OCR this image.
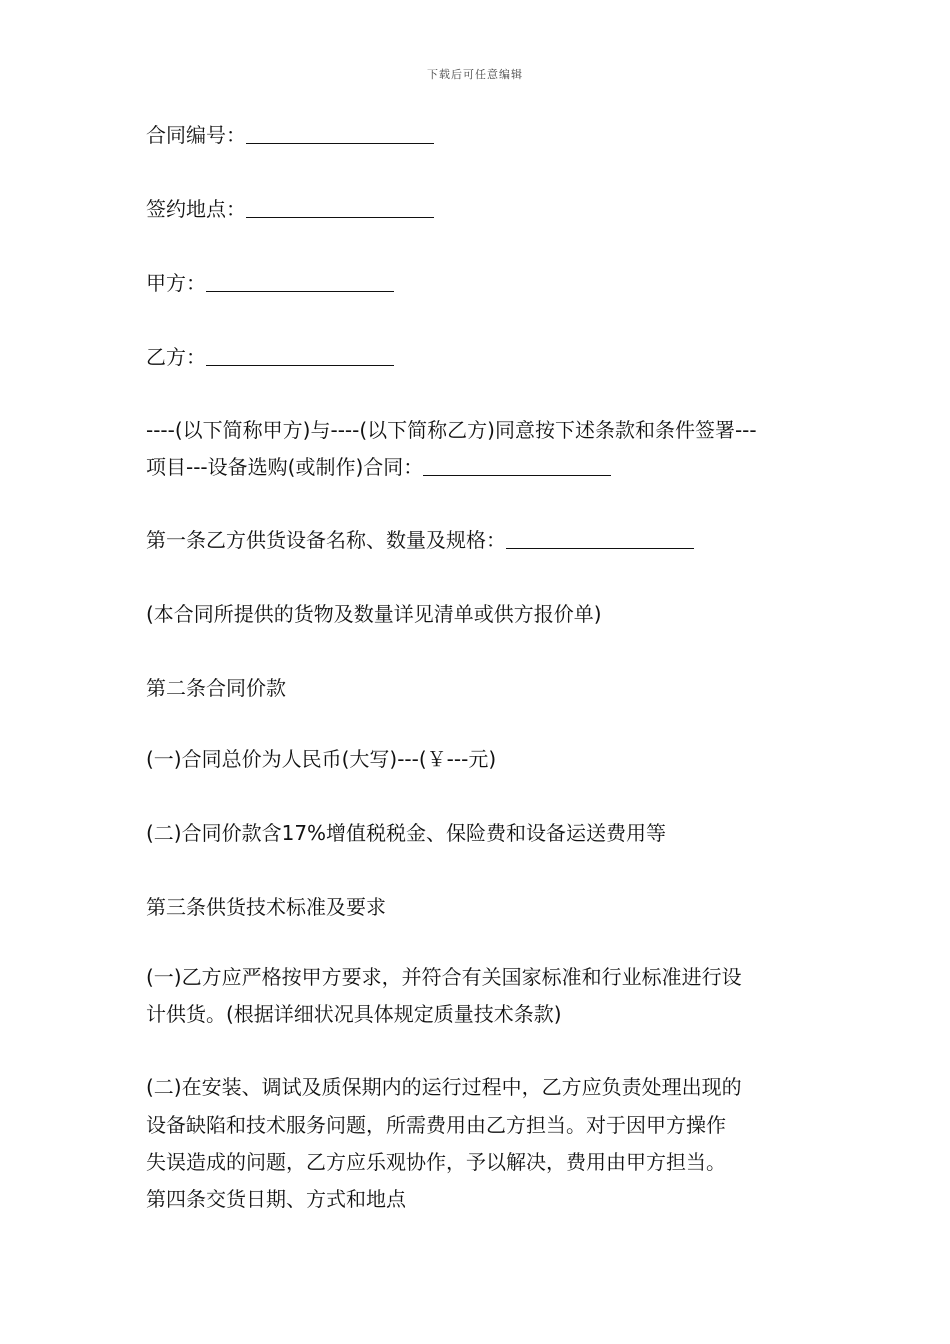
下载后可任意编辑
合同编号：
签约地点：
甲方：
乙方：
----(以下简称甲方)与----(以下简称乙方)同意按下述条款和条件签署---
项目---设备选购(或制作)合同：
第一条乙方供货设备名称、数量及规格：
(本合同所提供的货物及数量详见清单或供方报价单)
第二条合同价款
(一)合同总价为人民币(大写)---(￥---元)
(二)合同价款含17%增值税税金、保险费和设备运送费用等
第三条供货技术标准及要求
(一)乙方应严格按甲方要求，并符合有关国家标准和行业标准进行设
计供货。(根据详细状况具体规定质量技术条款)
(二)在安装、调试及质保期内的运行过程中，乙方应负责处理出现的
设备缺陷和技术服务问题，所需费用由乙方担当。对于因甲方操作
失误造成的问题，乙方应乐观协作，予以解决，费用由甲方担当。
第四条交货日期、方式和地点
